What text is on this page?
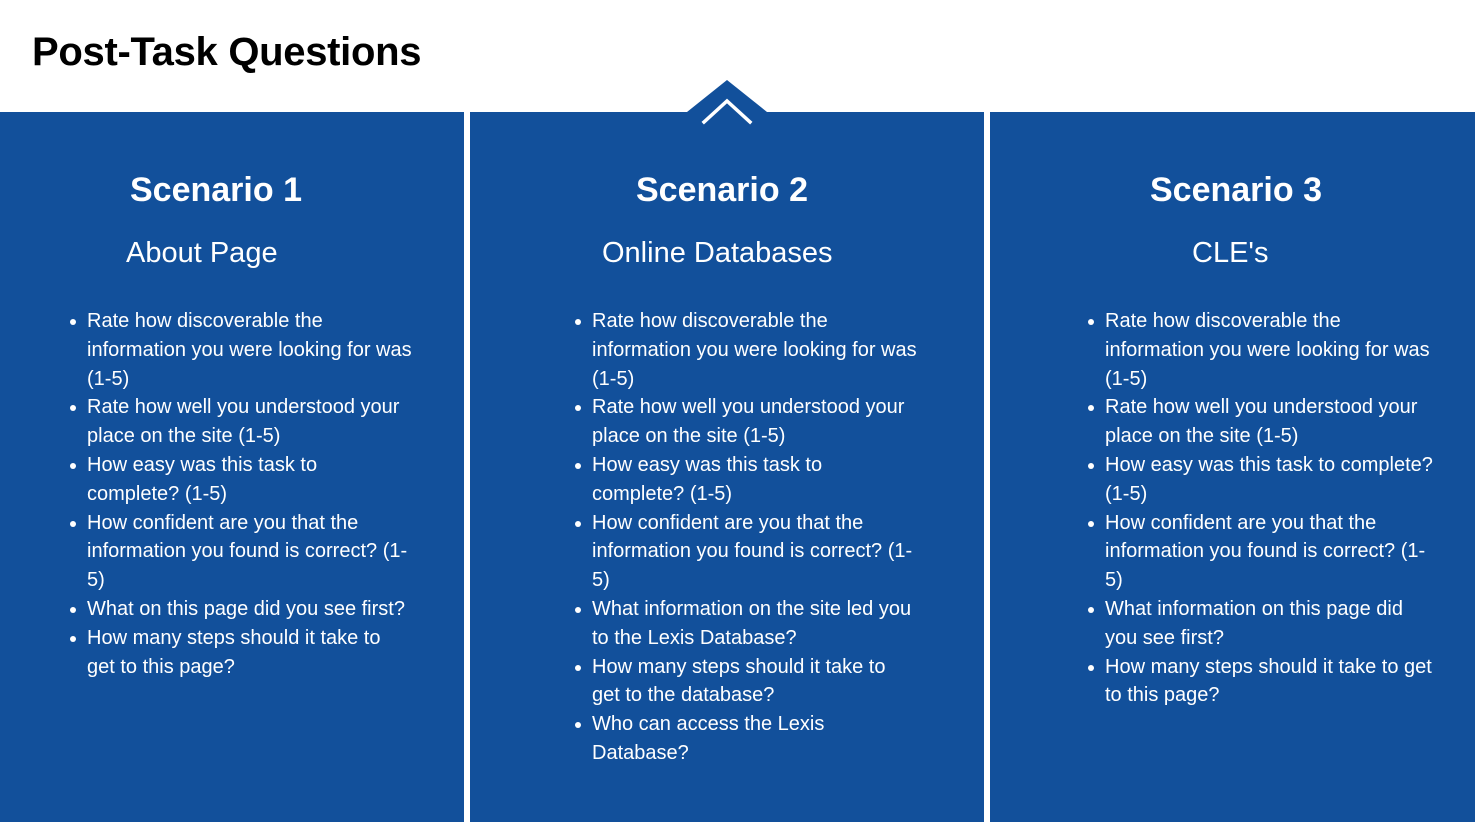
Post-Task Questions
Scenario 1
About Page
Rate how discoverable the information you were looking for was (1-5)
Rate how well you understood your place on the site (1-5)
How easy was this task to complete? (1-5)
How confident are you that the information you found is correct? (1-5)
What on this page did you see first?
How many steps should it take to get to this page?
Scenario 2
Online Databases
Rate how discoverable the information you were looking for was (1-5)
Rate how well you understood your place on the site (1-5)
How easy was this task to complete? (1-5)
How confident are you that the information you found is correct? (1-5)
What information on the site led you to the Lexis Database?
How many steps should it take to get to the database?
Who can access the Lexis Database?
Scenario 3
CLE's
Rate how discoverable the information you were looking for was (1-5)
Rate how well you understood your place on the site (1-5)
How easy was this task to complete? (1-5)
How confident are you that the information you found is correct? (1-5)
What information on this page did you see first?
How many steps should it take to get to this page?
